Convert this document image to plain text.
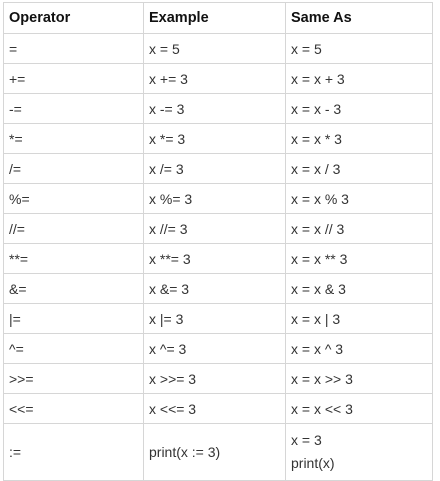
Operator	Example	Same As
=	x = 5	x = 5
+=	x += 3	x = x + 3
-=	x -= 3	x = x - 3
*=	x *= 3	x = x * 3
/=	x /= 3	x = x / 3
%=	x %= 3	x = x % 3
//=	x //= 3	x = x // 3
**=	x **= 3	x = x ** 3
&=	x &= 3	x = x & 3
|=	x |= 3	x = x | 3
^=	x ^= 3	x = x ^ 3
>>=	x >>= 3	x = x >> 3
<<=	x <<= 3	x = x << 3
:=	print(x := 3)	x = 3
print(x)
